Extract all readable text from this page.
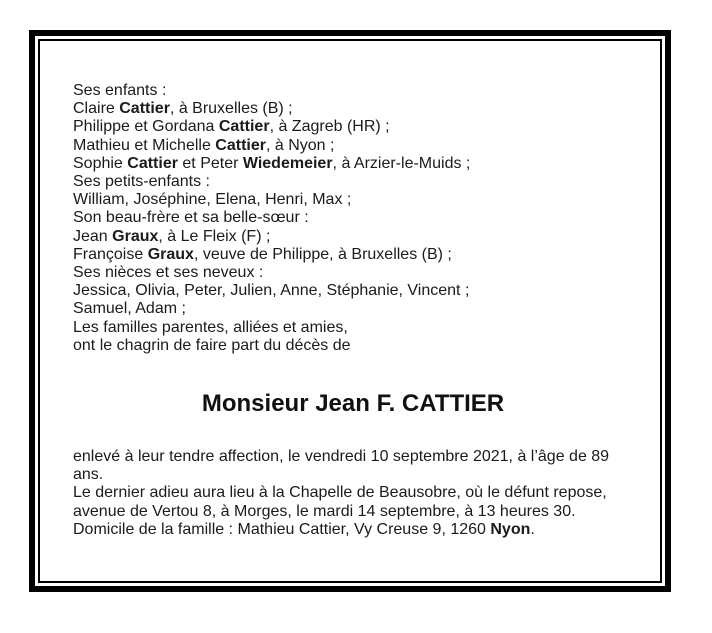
Ses enfants :
Claire Cattier, à Bruxelles (B) ;
Philippe et Gordana Cattier, à Zagreb (HR) ;
Mathieu et Michelle Cattier, à Nyon ;
Sophie Cattier et Peter Wiedemeier, à Arzier-le-Muids ;
Ses petits-enfants :
William, Joséphine, Elena, Henri, Max ;
Son beau-frère et sa belle-sœur :
Jean Graux, à Le Fleix (F) ;
Françoise Graux, veuve de Philippe, à Bruxelles (B) ;
Ses nièces et ses neveux :
Jessica, Olivia, Peter, Julien, Anne, Stéphanie, Vincent ;
Samuel, Adam ;
Les familles parentes, alliées et amies,
ont le chagrin de faire part du décès de
Monsieur Jean F. CATTIER
enlevé à leur tendre affection, le vendredi 10 septembre 2021, à l’âge de 89
ans.
Le dernier adieu aura lieu à la Chapelle de Beausobre, où le défunt repose,
avenue de Vertou 8, à Morges, le mardi 14 septembre, à 13 heures 30.
Domicile de la famille : Mathieu Cattier, Vy Creuse 9, 1260 Nyon.
